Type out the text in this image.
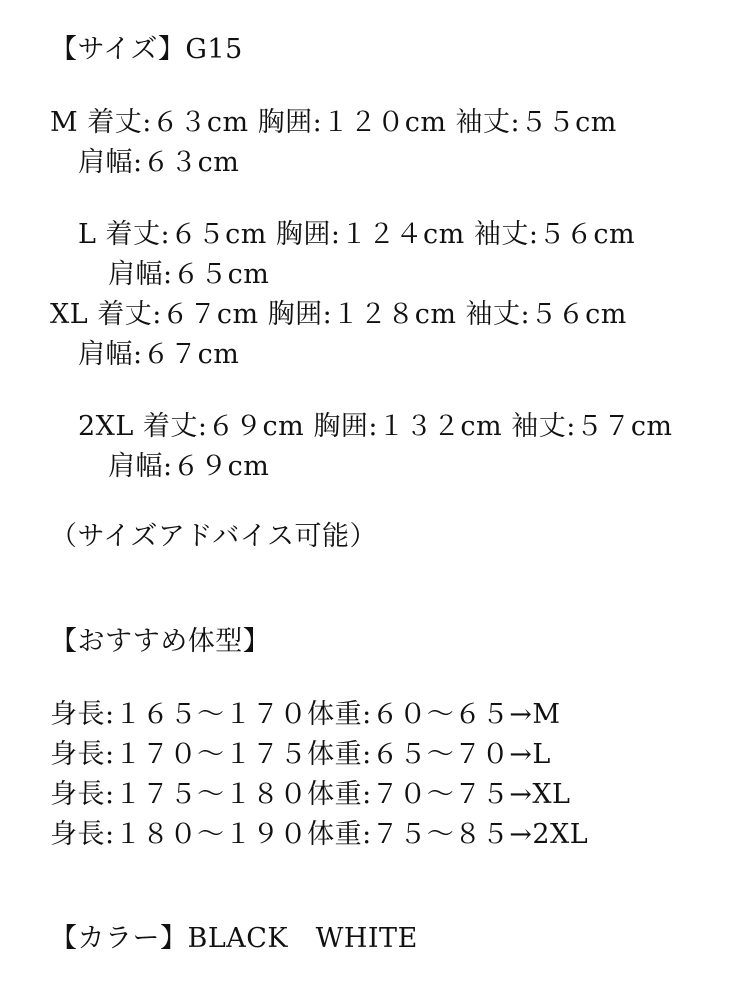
【サイズ】G15
M 着丈:６３cm 胸囲:１２０cm 袖丈:５５cm
肩幅:６３cm
L 着丈:６５cm 胸囲:１２４cm 袖丈:５６cm
肩幅:６５cm
XL 着丈:６７cm 胸囲:１２８cm 袖丈:５６cm
肩幅:６７cm
2XL 着丈:６９cm 胸囲:１３２cm 袖丈:５７cm
肩幅:６９cm
（サイズアドバイス可能）
【おすすめ体型】
身長:１６５～１７０体重:６０～６５→M
身長:１７０～１７５体重:６５～７０→L
身長:１７５～１８０体重:７０～７５→XL
身長:１８０～１９０体重:７５～８５→2XL
【カラー】BLACK　WHITE
